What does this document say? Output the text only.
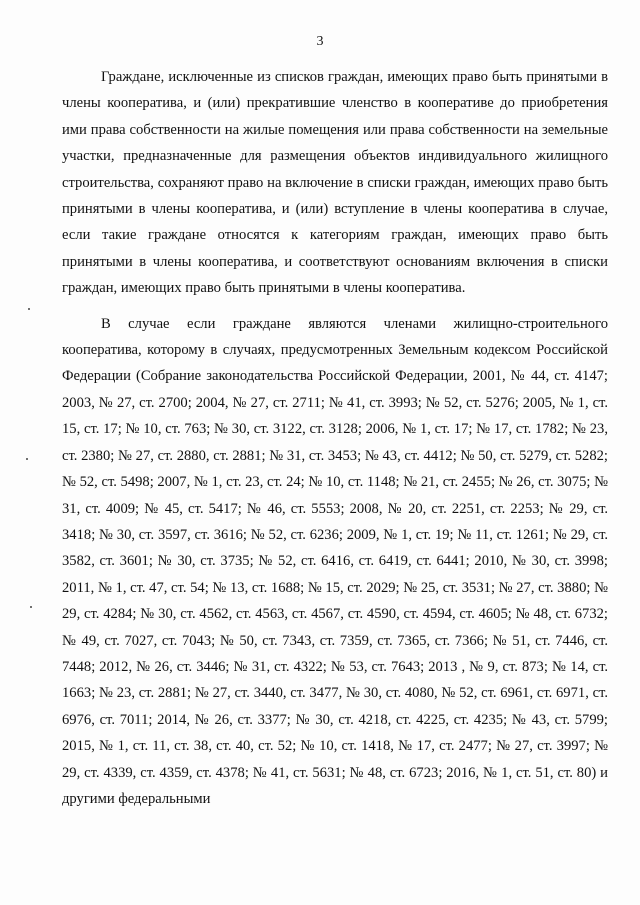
3

Граждане, исключенные из списков граждан, имеющих право быть принятыми в члены кооператива, и (или) прекратившие членство в кооперативе до приобретения ими права собственности на жилые помещения или права собственности на земельные участки, предназначенные для размещения объектов индивидуального жилищного строительства, сохраняют право на включение в списки граждан, имеющих право быть принятыми в члены кооператива, и (или) вступление в члены кооператива в случае, если такие граждане относятся к категориям граждан, имеющих право быть принятыми в члены кооператива, и соответствуют основаниям включения в списки граждан, имеющих право быть принятыми в члены кооператива.

В случае если граждане являются членами жилищно-строительного кооператива, которому в случаях, предусмотренных Земельным кодексом Российской Федерации (Собрание законодательства Российской Федерации, 2001, № 44, ст. 4147; 2003, № 27, ст. 2700; 2004, № 27, ст. 2711; № 41, ст. 3993; № 52, ст. 5276; 2005, № 1, ст. 15, ст. 17; № 10, ст. 763; № 30, ст. 3122, ст. 3128; 2006, № 1, ст. 17; № 17, ст. 1782; № 23, ст. 2380; № 27, ст. 2880, ст. 2881; № 31, ст. 3453; № 43, ст. 4412; № 50, ст. 5279, ст. 5282; № 52, ст. 5498; 2007, № 1, ст. 23, ст. 24; № 10, ст. 1148; № 21, ст. 2455; № 26, ст. 3075; № 31, ст. 4009; № 45, ст. 5417; № 46, ст. 5553; 2008, № 20, ст. 2251, ст. 2253; № 29, ст. 3418; № 30, ст. 3597, ст. 3616; № 52, ст. 6236; 2009, № 1, ст. 19; № 11, ст. 1261; № 29, ст. 3582, ст. 3601; № 30, ст. 3735; № 52, ст. 6416, ст. 6419, ст. 6441; 2010, № 30, ст. 3998; 2011, № 1, ст. 47, ст. 54; № 13, ст. 1688; № 15, ст. 2029; № 25, ст. 3531; № 27, ст. 3880; № 29, ст. 4284; № 30, ст. 4562, ст. 4563, ст. 4567, ст. 4590, ст. 4594, ст. 4605; № 48, ст. 6732; № 49, ст. 7027, ст. 7043; № 50, ст. 7343, ст. 7359, ст. 7365, ст. 7366; № 51, ст. 7446, ст. 7448; 2012, № 26, ст. 3446; № 31, ст. 4322; № 53, ст. 7643; 2013 , № 9, ст. 873; № 14, ст. 1663; № 23, ст. 2881; № 27, ст. 3440, ст. 3477, № 30, ст. 4080, № 52, ст. 6961, ст. 6971, ст. 6976, ст. 7011; 2014, № 26, ст. 3377; № 30, ст. 4218, ст. 4225, ст. 4235; № 43, ст. 5799; 2015, № 1, ст. 11, ст. 38, ст. 40, ст. 52; № 10, ст. 1418, № 17, ст. 2477; № 27, ст. 3997; № 29, ст. 4339, ст. 4359, ст. 4378; № 41, ст. 5631; № 48, ст. 6723; 2016, № 1, ст. 51, ст. 80) и другими федеральными
